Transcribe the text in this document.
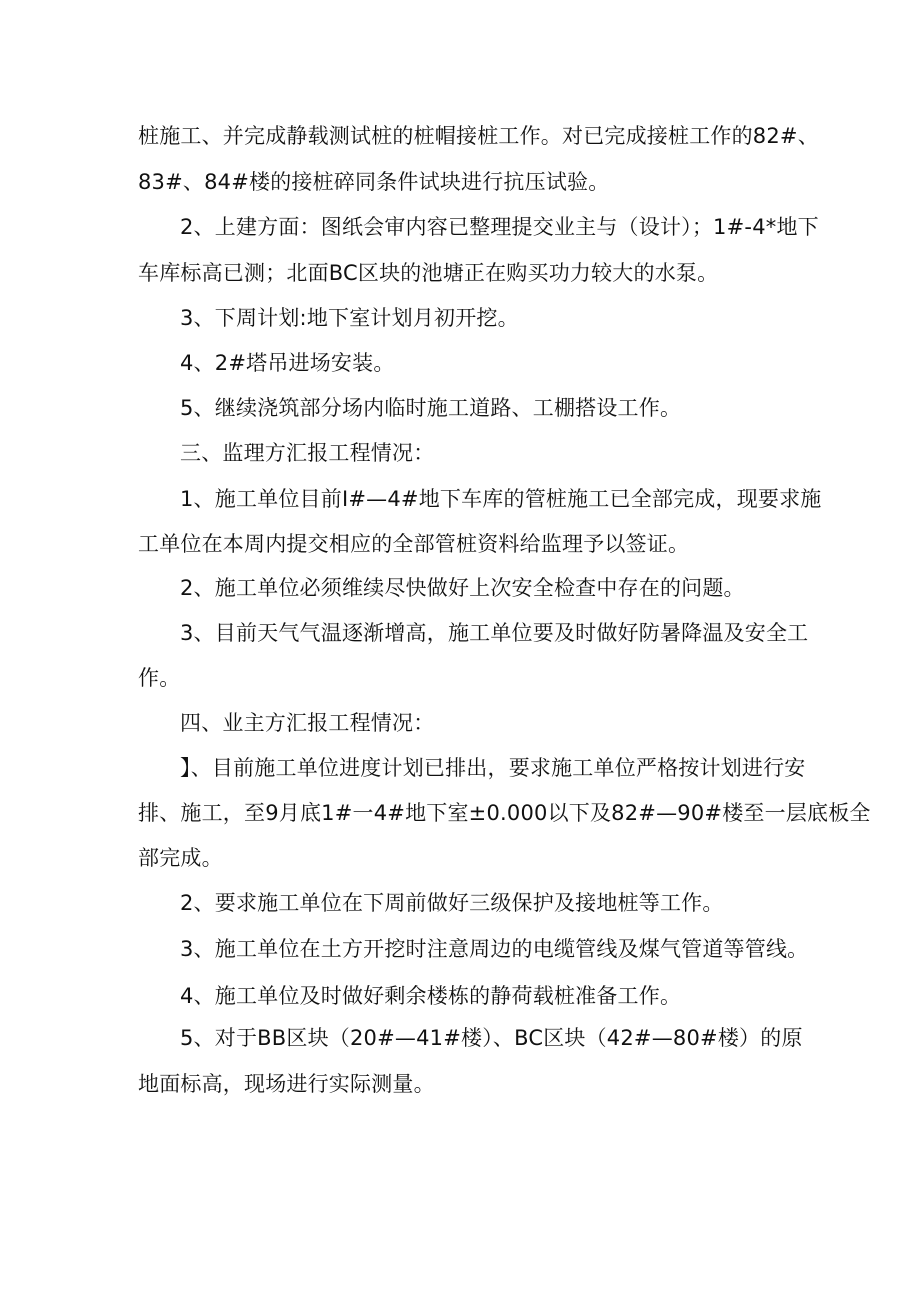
桩施工、并完成静载测试桩的桩帽接桩工作。对已完成接桩工作的82#、
83#、84#楼的接桩碎同条件试块进行抗压试验。
2、上建方面：图纸会审内容已整理提交业主与（设计）；1#-4*地下
车库标高已测；北面BC区块的池塘正在购买功力较大的水泵。
3、下周计划:地下室计划月初开挖。
4、2#塔吊进场安装。
5、继续浇筑部分场内临时施工道路、工棚搭设工作。
三、监理方汇报工程情况：
1、施工单位目前I#—4#地下车库的管桩施工已全部完成，现要求施
工单位在本周内提交相应的全部管桩资料给监理予以签证。
2、施工单位必须维续尽快做好上次安全检查中存在的问题。
3、目前天气气温逐渐增高，施工单位要及时做好防暑降温及安全工
作。
四、业主方汇报工程情况：
】、目前施工单位进度计划已排出，要求施工单位严格按计划进行安
排、施工，至9月底1#一4#地下室±0.000以下及82#—90#楼至一层底板全
部完成。
2、要求施工单位在下周前做好三级保护及接地桩等工作。
3、施工单位在土方开挖时注意周边的电缆管线及煤气管道等管线。
4、施工单位及时做好剩余楼栋的静荷载桩准备工作。
5、对于BB区块（20#—41#楼）、BC区块（42#—80#楼）的原
地面标高，现场进行实际测量。
